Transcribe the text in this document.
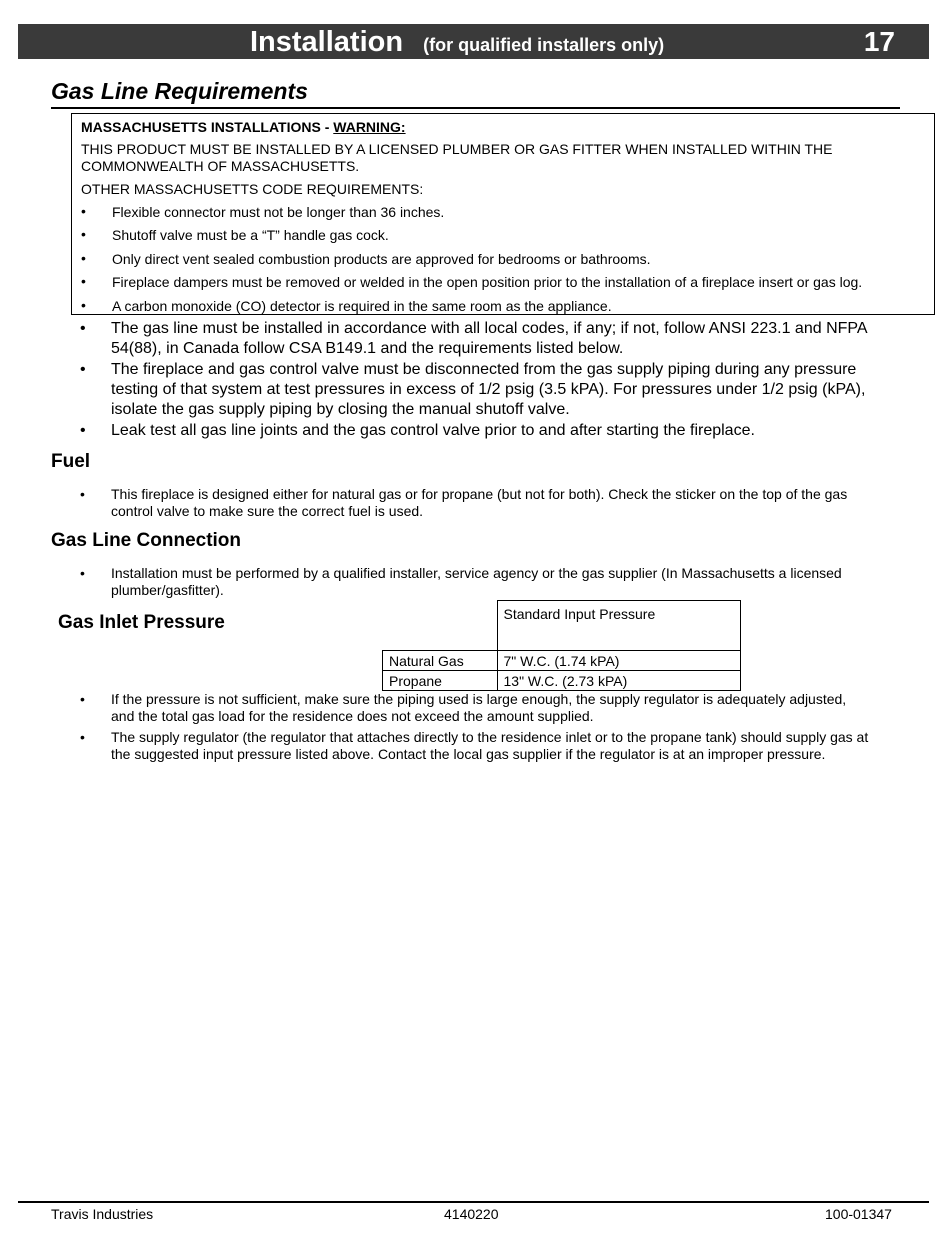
Installation (for qualified installers only)	17
Gas Line Requirements
MASSACHUSETTS INSTALLATIONS - WARNING:
THIS PRODUCT MUST BE INSTALLED BY A LICENSED PLUMBER OR GAS FITTER WHEN INSTALLED WITHIN THE COMMONWEALTH OF MASSACHUSETTS.
OTHER MASSACHUSETTS CODE REQUIREMENTS:
• Flexible connector must not be longer than 36 inches.
• Shutoff valve must be a “T” handle gas cock.
• Only direct vent sealed combustion products are approved for bedrooms or bathrooms.
• Fireplace dampers must be removed or welded in the open position prior to the installation of a fireplace insert or gas log.
• A carbon monoxide (CO) detector is required in the same room as the appliance.
• The gas line must be installed in accordance with all local codes, if any; if not, follow ANSI 223.1 and NFPA 54(88), in Canada follow CSA B149.1 and the requirements listed below.
• The fireplace and gas control valve must be disconnected from the gas supply piping during any pressure testing of that system at test pressures in excess of 1/2 psig (3.5 kPA). For pressures under 1/2 psig (kPA), isolate the gas supply piping by closing the manual shutoff valve.
• Leak test all gas line joints and the gas control valve prior to and after starting the fireplace.
Fuel
• This fireplace is designed either for natural gas or for propane (but not for both). Check the sticker on the top of the gas control valve to make sure the correct fuel is used.
Gas Line Connection
• Installation must be performed by a qualified installer, service agency or the gas supplier (In Massachusetts a licensed plumber/gasfitter).
Gas Inlet Pressure
		Standard Input Pressure
Natural Gas	7" W.C. (1.74 kPA)
Propane	13" W.C. (2.73 kPA)
• If the pressure is not sufficient, make sure the piping used is large enough, the supply regulator is adequately adjusted, and the total gas load for the residence does not exceed the amount supplied.
• The supply regulator (the regulator that attaches directly to the residence inlet or to the propane tank) should supply gas at the suggested input pressure listed above. Contact the local gas supplier if the regulator is at an improper pressure.
Travis Industries	4140220	100-01347
